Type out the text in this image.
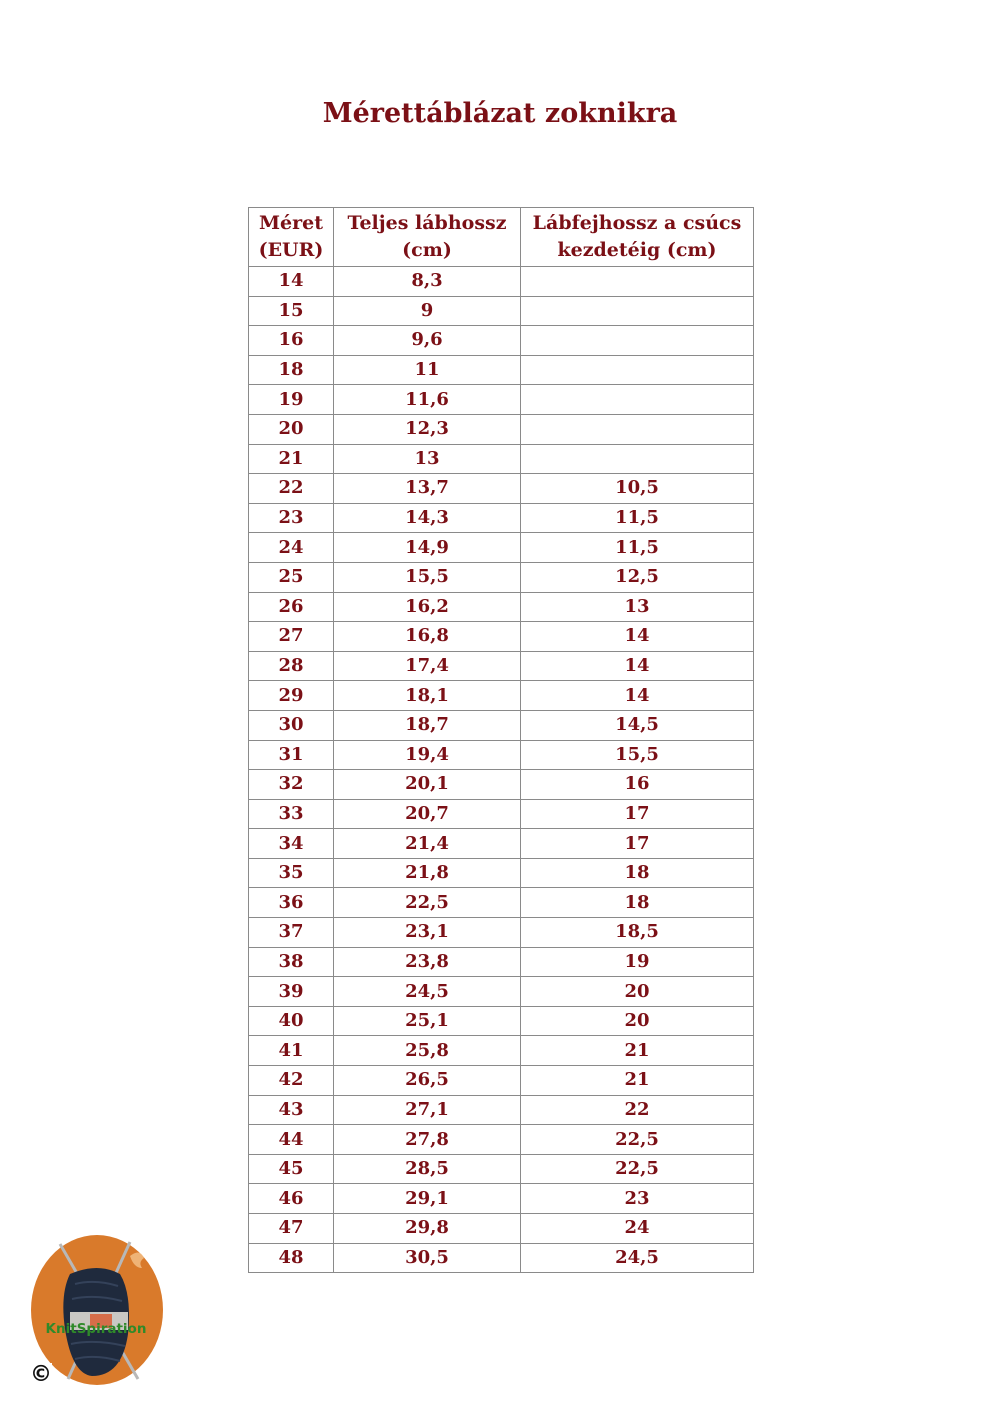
Mérettáblázat zoknikra
Méret (EUR)	Teljes lábhossz (cm)	Lábfejhossz a csúcs kezdetéig (cm)
14	8,3	
15	9	
16	9,6	
18	11	
19	11,6	
20	12,3	
21	13	
22	13,7	10,5
23	14,3	11,5
24	14,9	11,5
25	15,5	12,5
26	16,2	13
27	16,8	14
28	17,4	14
29	18,1	14
30	18,7	14,5
31	19,4	15,5
32	20,1	16
33	20,7	17
34	21,4	17
35	21,8	18
36	22,5	18
37	23,1	18,5
38	23,8	19
39	24,5	20
40	25,1	20
41	25,8	21
42	26,5	21
43	27,1	22
44	27,8	22,5
45	28,5	22,5
46	29,1	23
47	29,8	24
48	30,5	24,5
KnitSpiration
©
